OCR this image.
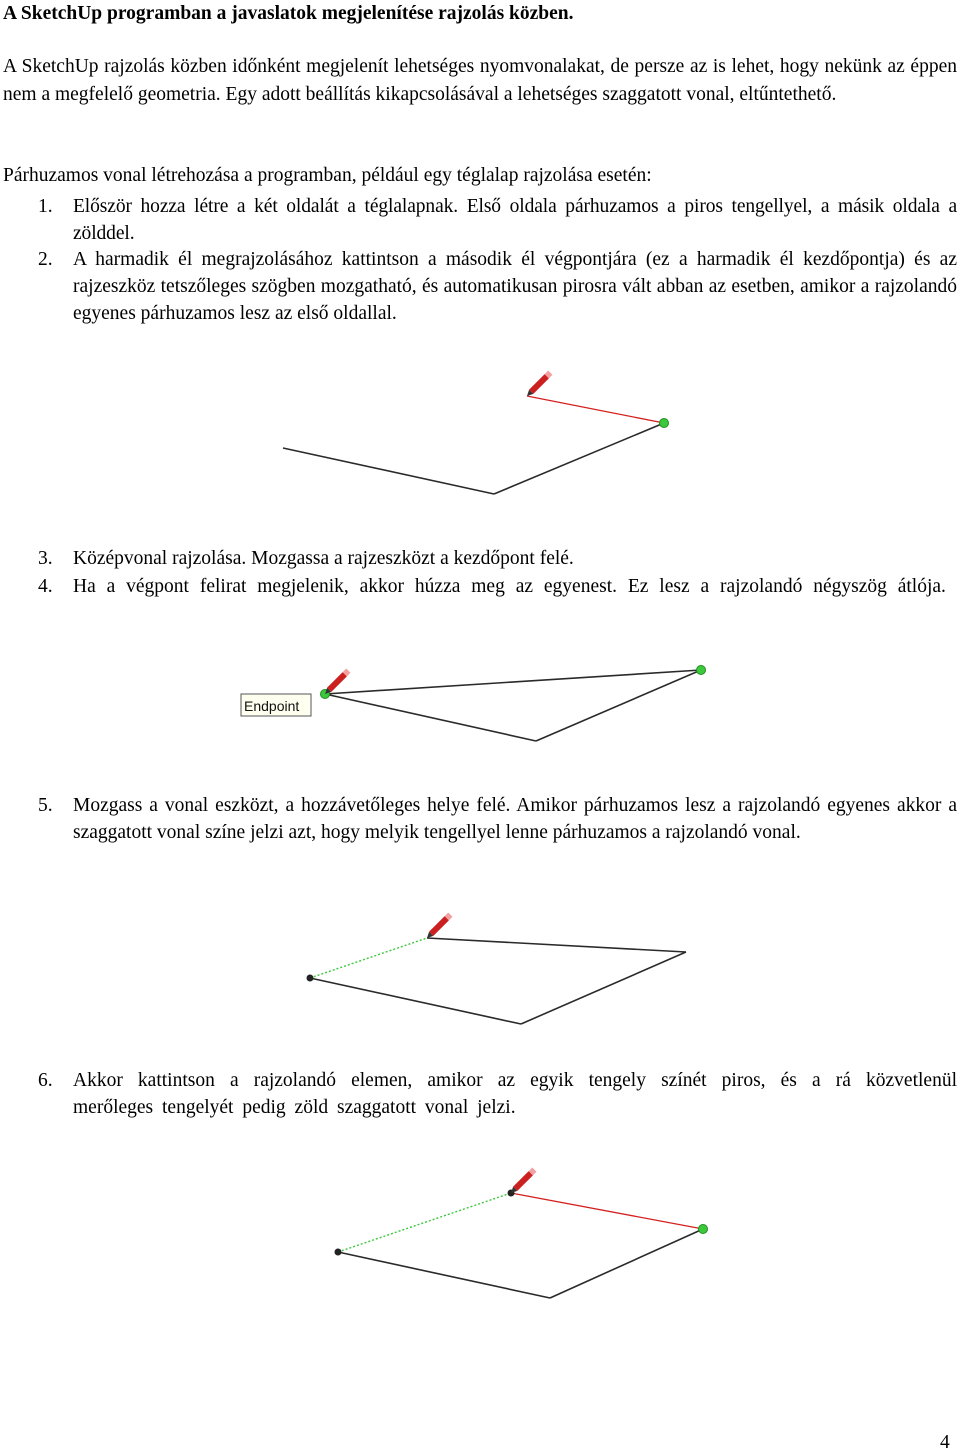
A SketchUp programban a javaslatok megjelenítése rajzolás közben.
A SketchUp rajzolás közben időnként megjelenít lehetséges nyomvonalakat, de persze az is lehet, hogy nekünk az éppen nem a megfelelő geometria. Egy adott beállítás kikapcsolásával a lehetséges szaggatott vonal, eltűntethető.
Párhuzamos vonal létrehozása a programban, például egy téglalap rajzolása esetén:
1. Először hozza létre a két oldalát a téglalapnak. Első oldala párhuzamos a piros tengellyel, a másik oldala a zölddel.
2. A harmadik él megrajzolásához kattintson a második él végpontjára (ez a harmadik él kezdőpontja) és az rajzeszköz tetszőleges szögben mozgatható, és automatikusan pirosra vált abban az esetben, amikor a rajzolandó egyenes párhuzamos lesz az első oldallal.
3. Középvonal rajzolása. Mozgassa a rajzeszközt a kezdőpont felé.
4. Ha a végpont felirat megjelenik, akkor húzza meg az egyenest. Ez lesz a rajzolandó négyszög átlója.
Endpoint
5. Mozgass a vonal eszközt, a hozzávetőleges helye felé. Amikor párhuzamos lesz a rajzolandó egyenes akkor a szaggatott vonal színe jelzi azt, hogy melyik tengellyel lenne párhuzamos a rajzolandó vonal.
6. Akkor kattintson a rajzolandó elemen, amikor az egyik tengely színét piros, és a rá közvetlenül merőleges tengelyét pedig zöld szaggatott vonal jelzi.
4
